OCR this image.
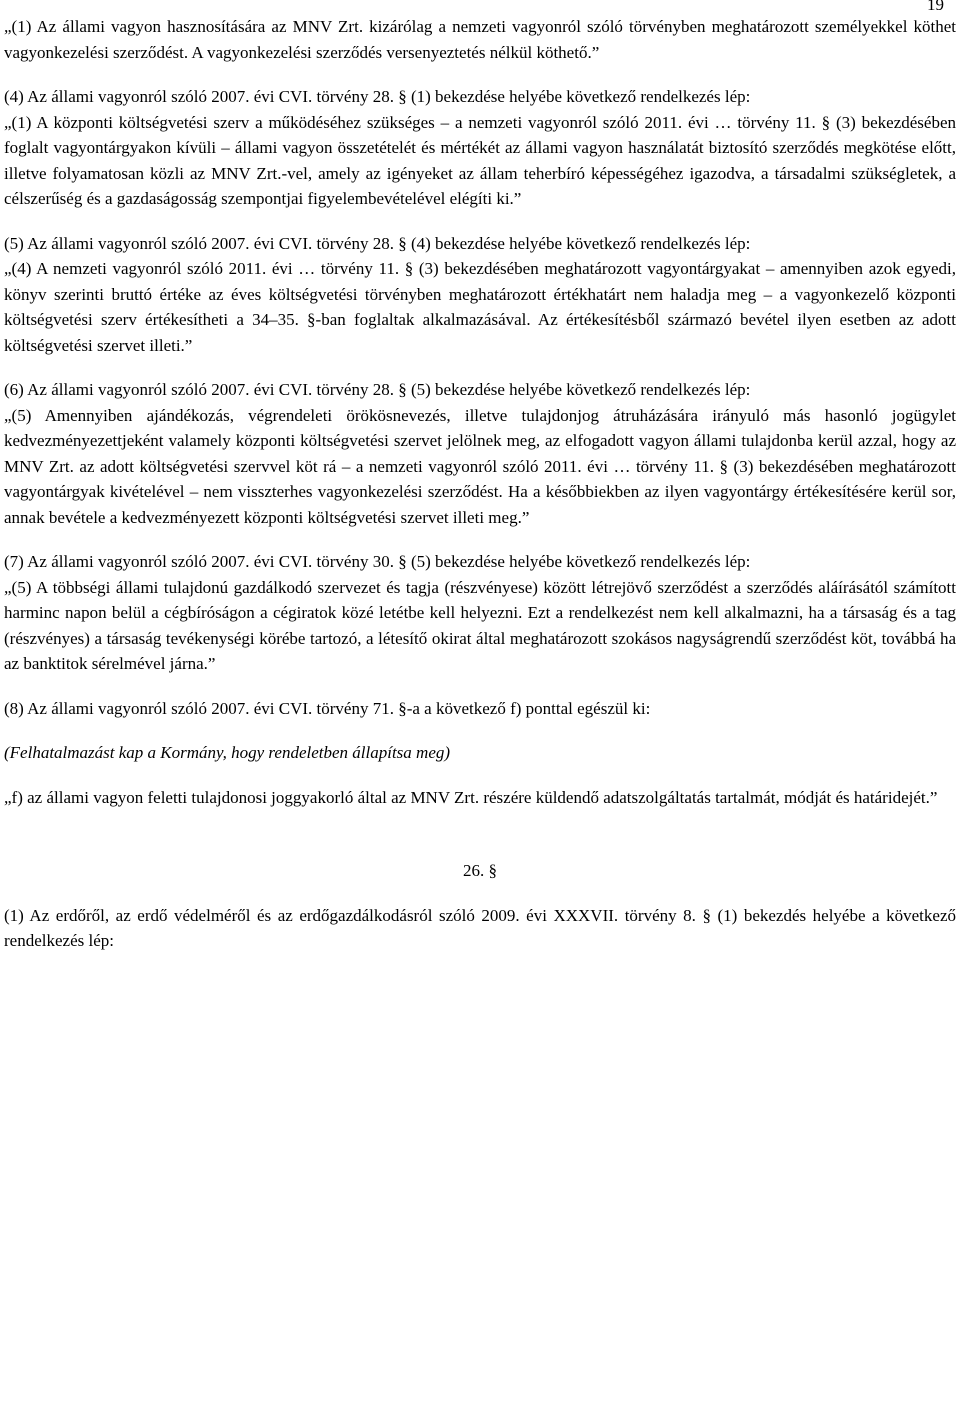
19

„(1) Az állami vagyon hasznosítására az MNV Zrt. kizárólag a nemzeti vagyonról szóló törvényben meghatározott személyekkel köthet vagyonkezelési szerződést. A vagyonkezelési szerződés versenyeztetés nélkül köthető.”

(4) Az állami vagyonról szóló 2007. évi CVI. törvény 28. § (1) bekezdése helyébe következő rendelkezés lép:

„(1) A központi költségvetési szerv a működéséhez szükséges – a nemzeti vagyonról szóló 2011. évi … törvény 11. § (3) bekezdésében foglalt vagyontárgyakon kívüli – állami vagyon összetételét és mértékét az állami vagyon használatát biztosító szerződés megkötése előtt, illetve folyamatosan közli az MNV Zrt.-vel, amely az igényeket az állam teherbíró képességéhez igazodva, a társadalmi szükségletek, a célszerűség és a gazdaságosság szempontjai figyelembevételével elégíti ki.”

(5) Az állami vagyonról szóló 2007. évi CVI. törvény 28. § (4) bekezdése helyébe következő rendelkezés lép:

„(4) A nemzeti vagyonról szóló 2011. évi … törvény 11. § (3) bekezdésében meghatározott vagyontárgyakat – amennyiben azok egyedi, könyv szerinti bruttó értéke az éves költségvetési törvényben meghatározott értékhatárt nem haladja meg – a vagyonkezelő központi költségvetési szerv értékesítheti a 34–35. §-ban foglaltak alkalmazásával. Az értékesítésből származó bevétel ilyen esetben az adott költségvetési szervet illeti.”

(6) Az állami vagyonról szóló 2007. évi CVI. törvény 28. § (5) bekezdése helyébe következő rendelkezés lép:

„(5) Amennyiben ajándékozás, végrendeleti örökösnevezés, illetve tulajdonjog átruházására irányuló más hasonló jogügylet kedvezményezettjeként valamely központi költségvetési szervet jelölnek meg, az elfogadott vagyon állami tulajdonba kerül azzal, hogy az MNV Zrt. az adott költségvetési szervvel köt rá – a nemzeti vagyonról szóló 2011. évi … törvény 11. § (3) bekezdésében meghatározott vagyontárgyak kivételével – nem visszterhes vagyonkezelési szerződést. Ha a későbbiekben az ilyen vagyontárgy értékesítésére kerül sor, annak bevétele a kedvezményezett központi költségvetési szervet illeti meg.”

(7) Az állami vagyonról szóló 2007. évi CVI. törvény 30. § (5) bekezdése helyébe következő rendelkezés lép:

„(5) A többségi állami tulajdonú gazdálkodó szervezet és tagja (részvényese) között létrejövő szerződést a szerződés aláírásától számított harminc napon belül a cégbíróságon a cégiratok közé letétbe kell helyezni. Ezt a rendelkezést nem kell alkalmazni, ha a társaság és a tag (részvényes) a társaság tevékenységi körébe tartozó, a létesítő okirat által meghatározott szokásos nagyságrendű szerződést köt, továbbá ha az banktitok sérelmével járna.”

(8) Az állami vagyonról szóló 2007. évi CVI. törvény 71. §-a a következő f) ponttal egészül ki:

(Felhatalmazást kap a Kormány, hogy rendeletben állapítsa meg)

„f) az állami vagyon feletti tulajdonosi joggyakorló által az MNV Zrt. részére küldendő adatszolgáltatás tartalmát, módját és határidejét.”

26. §

(1) Az erdőről, az erdő védelméről és az erdőgazdálkodásról szóló 2009. évi XXXVII. törvény 8. § (1) bekezdés helyébe a következő rendelkezés lép:
